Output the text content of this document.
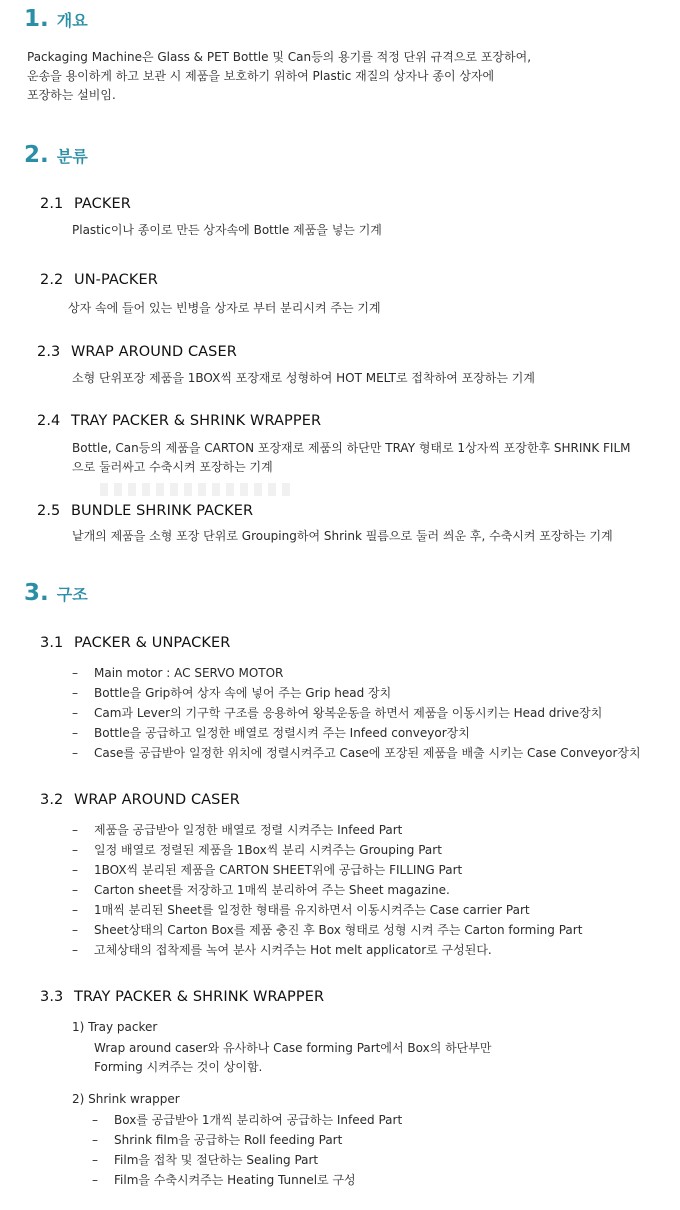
1. 개요

Packaging Machine은 Glass & PET Bottle 및 Can등의 용기를 적정 단위 규격으로 포장하여,
운송을 용이하게 하고 보관 시 제품을 보호하기 위하여 Plastic 재질의 상자나 종이 상자에
포장하는 설비임.

2. 분류
2.1 PACKER

Plastic이나 종이로 만든 상자속에 Bottle 제품을 넣는 기계

2.2 UN-PACKER

상자 속에 들어 있는 빈병을 상자로 부터 분리시켜 주는 기계

2.3 WRAP AROUND CASER

소형 단위포장 제품을 1BOX씩 포장재로 성형하여 HOT MELT로 접착하여 포장하는 기계

2.4 TRAY PACKER & SHRINK WRAPPER

Bottle, Can등의 제품을 CARTON 포장재로 제품의 하단만 TRAY 형태로 1상자씩 포장한후 SHRINK FILM
으로 둘러싸고 수축시켜 포장하는 기계

2.5 BUNDLE SHRINK PACKER

낱개의 제품을 소형 포장 단위로 Grouping하여 Shrink 필름으로 둘러 씌운 후, 수축시켜 포장하는 기계

3. 구조
3.1 PACKER & UNPACKER
– Main motor : AC SERVO MOTOR
– Bottle을 Grip하여 상자 속에 넣어 주는 Grip head 장치
– Cam과 Lever의 기구학 구조를 응용하여 왕복운동을 하면서 제품을 이동시키는 Head drive장치
– Bottle을 공급하고 일정한 배열로 정렬시켜 주는 Infeed conveyor장치
– Case를 공급받아 일정한 위치에 정렬시켜주고 Case에 포장된 제품을 배출 시키는 Case Conveyor장치
3.2 WRAP AROUND CASER
– 제품을 공급받아 일정한 배열로 정렬 시켜주는 Infeed Part
– 일정 배열로 정렬된 제품을 1Box씩 분리 시켜주는 Grouping Part
– 1BOX씩 분리된 제품을 CARTON SHEET위에 공급하는 FILLING Part
– Carton sheet를 저장하고 1매씩 분리하여 주는 Sheet magazine.
– 1매씩 분리된 Sheet를 일정한 형태를 유지하면서 이동시켜주는 Case carrier Part
– Sheet상태의 Carton Box를 제품 충진 후 Box 형태로 성형 시켜 주는 Carton forming Part
– 고체상태의 접착제를 녹여 분사 시켜주는 Hot melt applicator로 구성된다.
3.3 TRAY PACKER & SHRINK WRAPPER

1) Tray packer

Wrap around caser와 유사하나 Case forming Part에서 Box의 하단부만
Forming 시켜주는 것이 상이함.

2) Shrink wrapper

– Box를 공급받아 1개씩 분리하여 공급하는 Infeed Part
– Shrink film을 공급하는 Roll feeding Part
– Film을 접착 및 절단하는 Sealing Part
– Film을 수축시켜주는 Heating Tunnel로 구성
